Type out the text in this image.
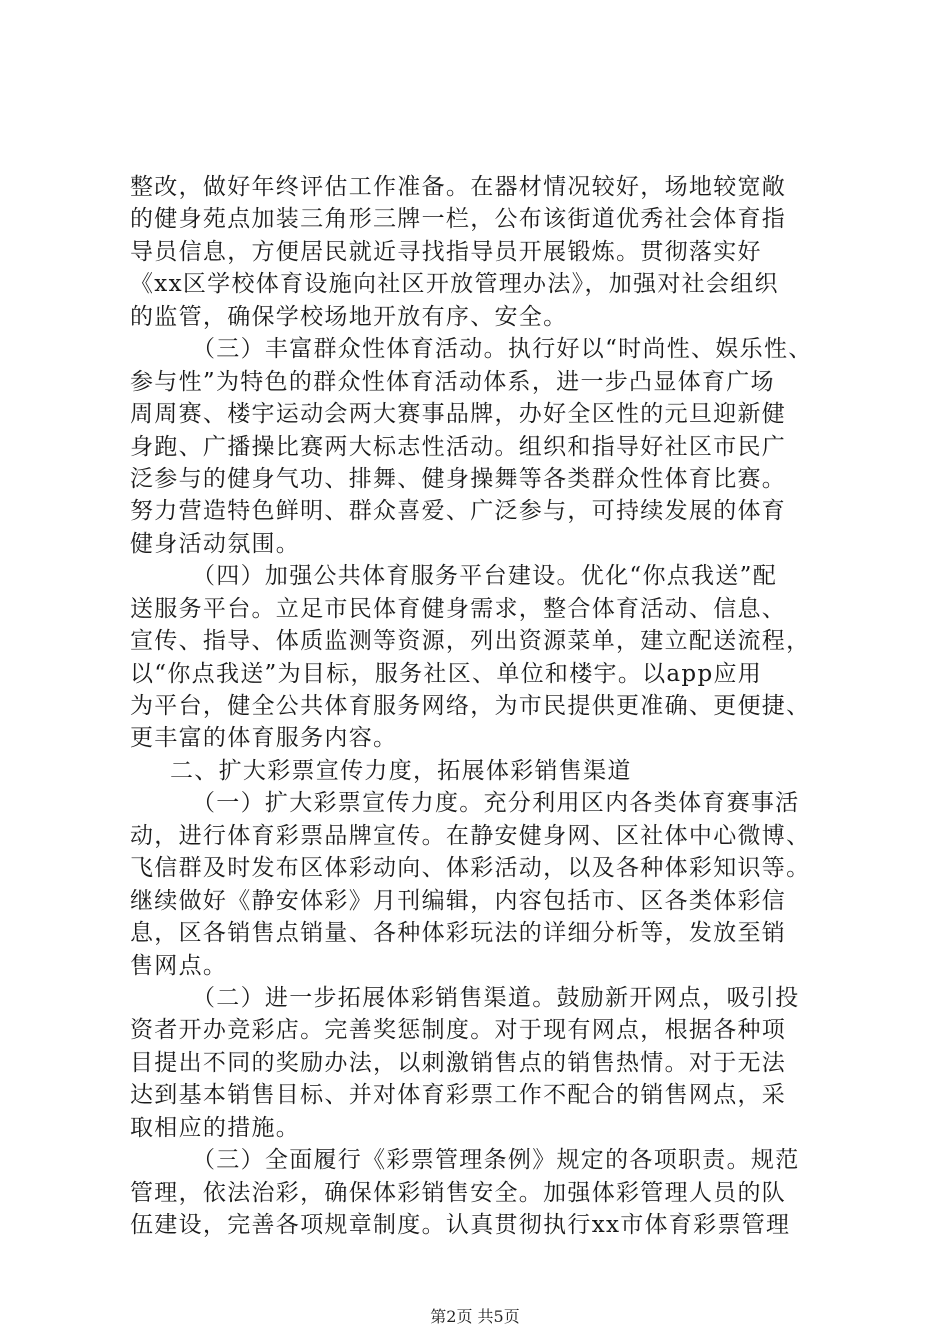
整改，做好年终评估工作准备。在器材情况较好，场地较宽敞
的健身苑点加装三角形三牌一栏，公布该街道优秀社会体育指
导员信息，方便居民就近寻找指导员开展锻炼。贯彻落实好
《xx区学校体育设施向社区开放管理办法》，加强对社会组织
的监管，确保学校场地开放有序、安全。
（三）丰富群众性体育活动。执行好以“时尚性、娱乐性、
参与性”为特色的群众性体育活动体系，进一步凸显体育广场
周周赛、楼宇运动会两大赛事品牌，办好全区性的元旦迎新健
身跑、广播操比赛两大标志性活动。组织和指导好社区市民广
泛参与的健身气功、排舞、健身操舞等各类群众性体育比赛。
努力营造特色鲜明、群众喜爱、广泛参与，可持续发展的体育
健身活动氛围。
（四）加强公共体育服务平台建设。优化“你点我送”配
送服务平台。立足市民体育健身需求，整合体育活动、信息、
宣传、指导、体质监测等资源，列出资源菜单，建立配送流程，
以“你点我送”为目标，服务社区、单位和楼宇。以app应用
为平台，健全公共体育服务网络，为市民提供更准确、更便捷、
更丰富的体育服务内容。
二、扩大彩票宣传力度，拓展体彩销售渠道
（一）扩大彩票宣传力度。充分利用区内各类体育赛事活
动，进行体育彩票品牌宣传。在静安健身网、区社体中心微博、
飞信群及时发布区体彩动向、体彩活动，以及各种体彩知识等。
继续做好《静安体彩》月刊编辑，内容包括市、区各类体彩信
息，区各销售点销量、各种体彩玩法的详细分析等，发放至销
售网点。
（二）进一步拓展体彩销售渠道。鼓励新开网点，吸引投
资者开办竞彩店。完善奖惩制度。对于现有网点，根据各种项
目提出不同的奖励办法，以刺激销售点的销售热情。对于无法
达到基本销售目标、并对体育彩票工作不配合的销售网点，采
取相应的措施。
（三）全面履行《彩票管理条例》规定的各项职责。规范
管理，依法治彩，确保体彩销售安全。加强体彩管理人员的队
伍建设，完善各项规章制度。认真贯彻执行xx市体育彩票管理
第2页 共5页
